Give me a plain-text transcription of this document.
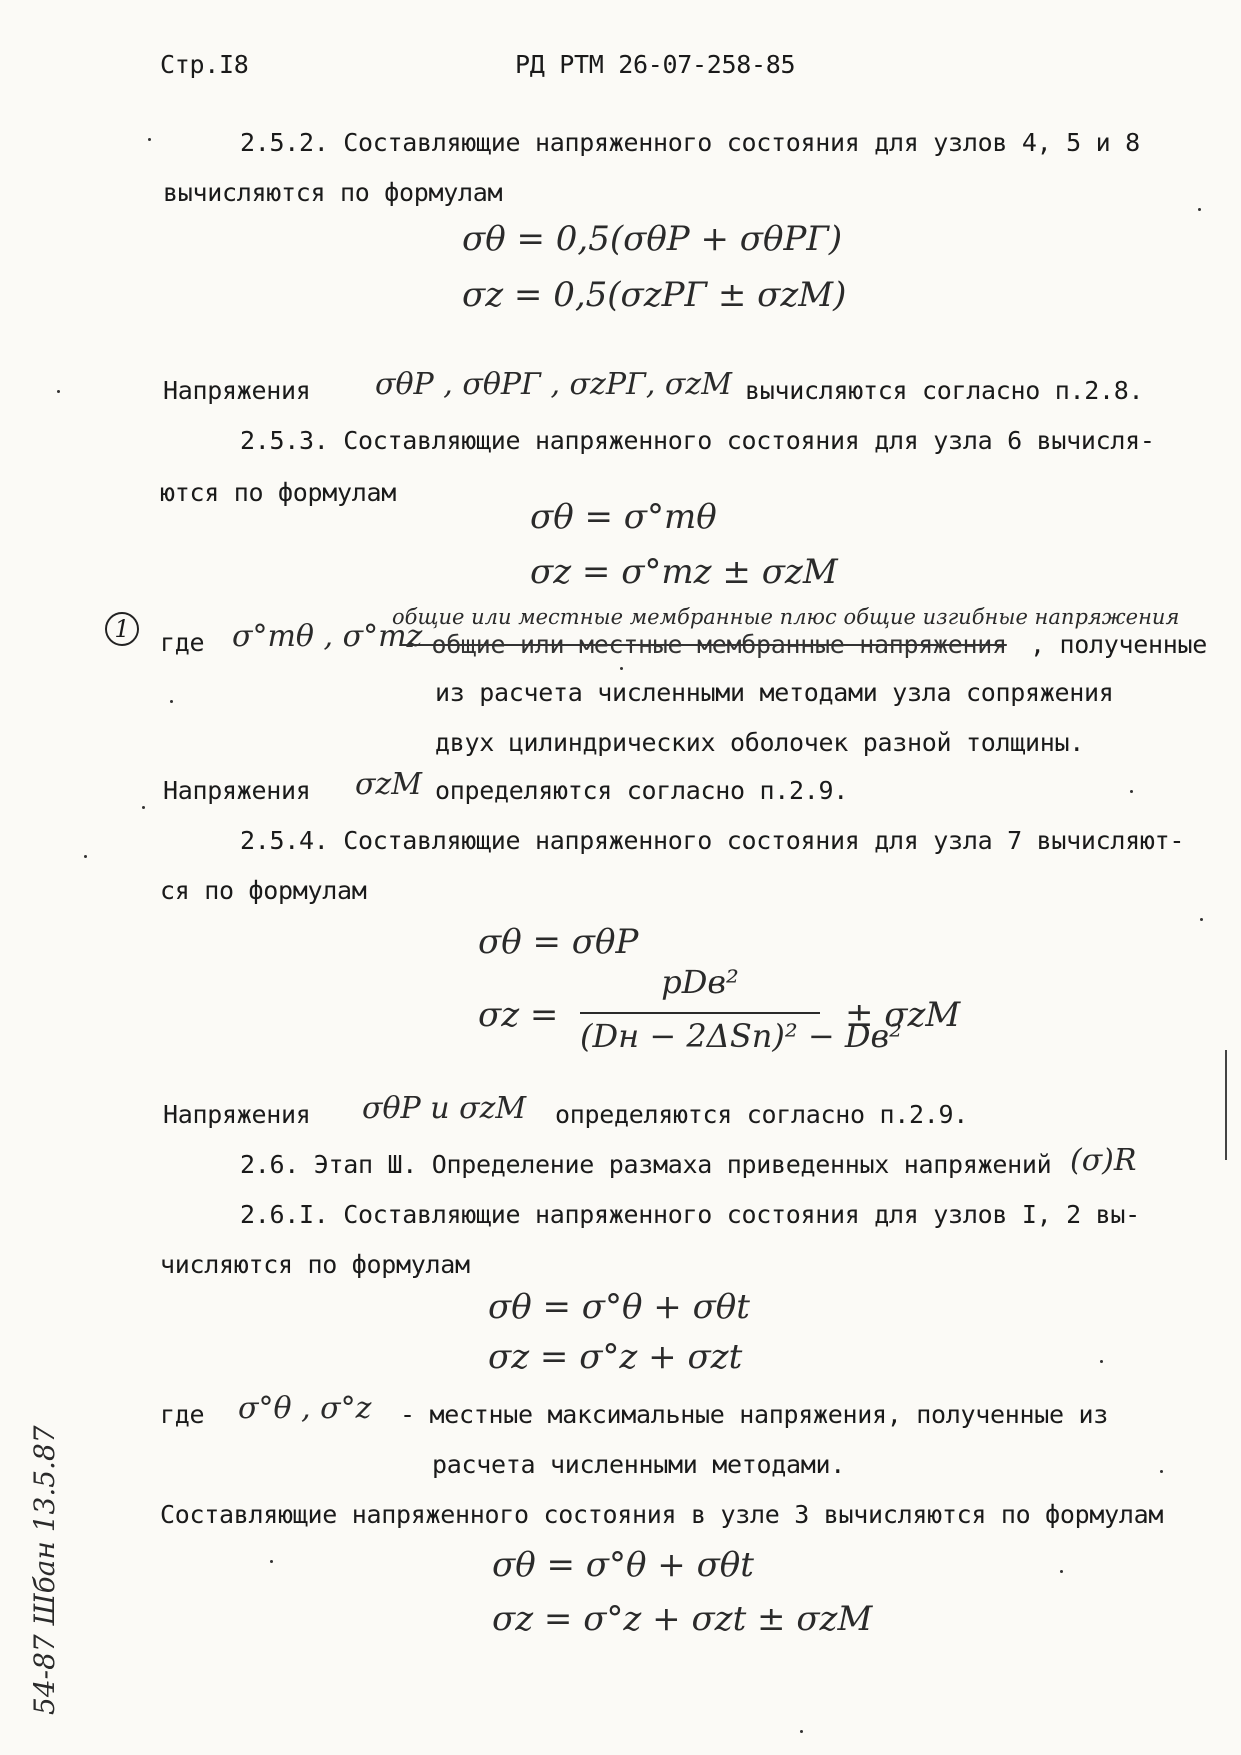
Стр.I8	РД РТМ 26-07-258-85
2.5.2. Составляющие напряженного состояния для узлов 4, 5 и 8
вычисляются по формулам
σθ = 0,5(σθP + σθPГ)
σz = 0,5(σzPГ ± σzM)
Напряжения σθP , σθPГ , σzPГ, σzM вычисляются согласно п.2.8.
2.5.3. Составляющие напряженного состояния для узла 6 вычисля-
ются по формулам
σθ = σ°mθ
σz = σ°mz ± σzM
1	где σ°mθ , σ°mz
общие или местные мембранные плюс общие изгибные напряжения
- общие или местные мембранные напряжения , полученные
из расчета численными методами узла сопряжения
двух цилиндрических оболочек разной толщины.
Напряжения σzM определяются согласно п.2.9.
2.5.4. Составляющие напряженного состояния для узла 7 вычисляют-
ся по формулам
σθ = σθP
σz =
pDв²
(Dн − 2ΔSп)² − Dв²
± σzM
Напряжения σθP и σzM определяются согласно п.2.9.
2.6. Этап Ш. Определение размаха приведенных напряжений (σ)R
2.6.I. Составляющие напряженного состояния для узлов I, 2 вы-
числяются по формулам
σθ = σ°θ + σθt
σz = σ°z + σzt
где σ°θ , σ°z - местные максимальные напряжения, полученные из
расчета численными методами.
Составляющие напряженного состояния в узле 3 вычисляются по формулам
σθ = σ°θ + σθt
σz = σ°z + σzt ± σzM
54-87 Шбан 13.5.87
